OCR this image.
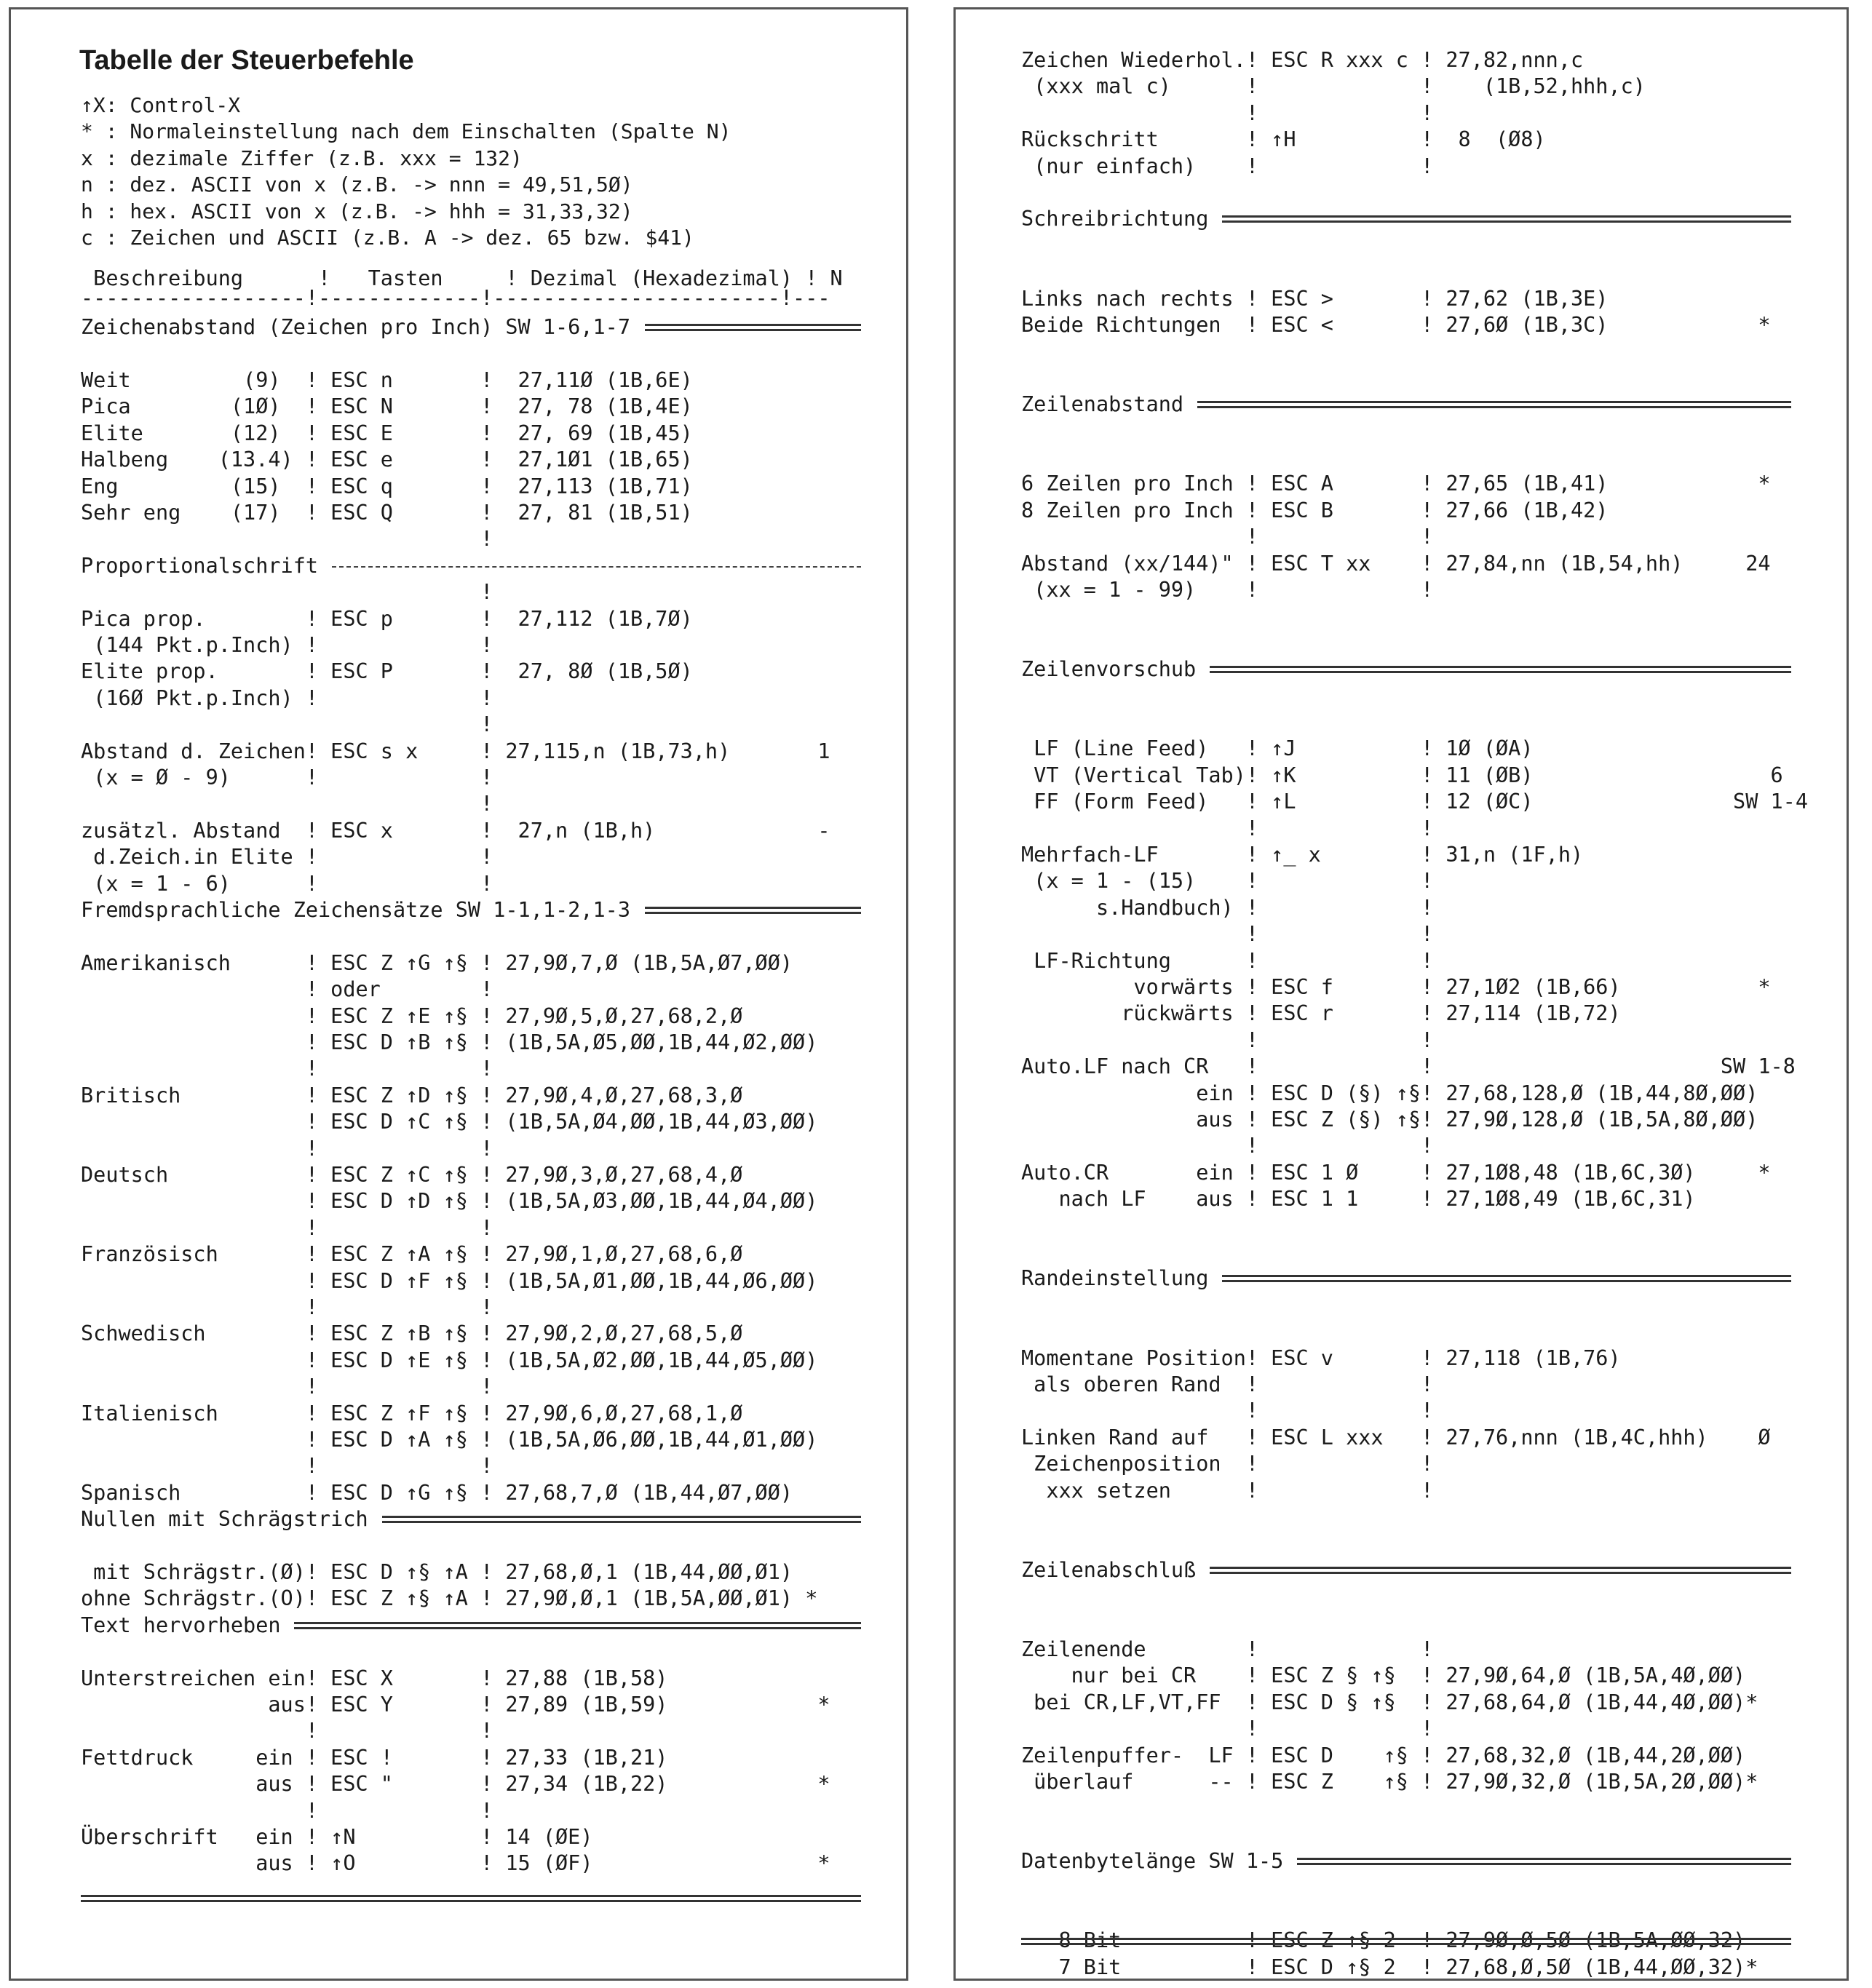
Tabelle der Steuerbefehle
↑X: Control-X
* : Normaleinstellung nach dem Einschalten (Spalte N)
x : dezimale Ziffer (z.B. xxx = 132)
n : dez. ASCII von x (z.B. -> nnn = 49,51,5Ø)
h : hex. ASCII von x (z.B. -> hhh = 31,33,32)
c : Zeichen und ASCII (z.B. A -> dez. 65 bzw. $41)
Beschreibung      !   Tasten     ! Dezimal (Hexadezimal) ! N
------------------!-------------!-----------------------!---
Zeichenabstand (Zeichen pro Inch) SW 1-6,1-7
Weit         (9)  ! ESC n       !  27,11Ø (1B,6E)
Pica        (1Ø)  ! ESC N       !  27, 78 (1B,4E)
Elite       (12)  ! ESC E       !  27, 69 (1B,45)
Halbeng    (13.4) ! ESC e       !  27,1Ø1 (1B,65)
Eng         (15)  ! ESC q       !  27,113 (1B,71)
Sehr eng    (17)  ! ESC Q       !  27, 81 (1B,51)
!
Proportionalschrift
!
Pica prop.        ! ESC p       !  27,112 (1B,7Ø)
(144 Pkt.p.Inch) !             !
Elite prop.       ! ESC P       !  27, 8Ø (1B,5Ø)
(16Ø Pkt.p.Inch) !             !
!
Abstand d. Zeichen! ESC s x     ! 27,115,n (1B,73,h)       1
(x = Ø - 9)      !             !
!
zusätzl. Abstand  ! ESC x       !  27,n (1B,h)             -
d.Zeich.in Elite !             !
(x = 1 - 6)      !             !
Fremdsprachliche Zeichensätze SW 1-1,1-2,1-3
Amerikanisch      ! ESC Z ↑G ↑§ ! 27,9Ø,7,Ø (1B,5A,Ø7,ØØ)
! oder        !
! ESC Z ↑E ↑§ ! 27,9Ø,5,Ø,27,68,2,Ø
! ESC D ↑B ↑§ ! (1B,5A,Ø5,ØØ,1B,44,Ø2,ØØ)
!             !
Britisch          ! ESC Z ↑D ↑§ ! 27,9Ø,4,Ø,27,68,3,Ø
! ESC D ↑C ↑§ ! (1B,5A,Ø4,ØØ,1B,44,Ø3,ØØ)
!             !
Deutsch           ! ESC Z ↑C ↑§ ! 27,9Ø,3,Ø,27,68,4,Ø
! ESC D ↑D ↑§ ! (1B,5A,Ø3,ØØ,1B,44,Ø4,ØØ)
!             !
Französisch       ! ESC Z ↑A ↑§ ! 27,9Ø,1,Ø,27,68,6,Ø
! ESC D ↑F ↑§ ! (1B,5A,Ø1,ØØ,1B,44,Ø6,ØØ)
!             !
Schwedisch        ! ESC Z ↑B ↑§ ! 27,9Ø,2,Ø,27,68,5,Ø
! ESC D ↑E ↑§ ! (1B,5A,Ø2,ØØ,1B,44,Ø5,ØØ)
!             !
Italienisch       ! ESC Z ↑F ↑§ ! 27,9Ø,6,Ø,27,68,1,Ø
! ESC D ↑A ↑§ ! (1B,5A,Ø6,ØØ,1B,44,Ø1,ØØ)
!             !
Spanisch          ! ESC D ↑G ↑§ ! 27,68,7,Ø (1B,44,Ø7,ØØ)
Nullen mit Schrägstrich
mit Schrägstr.(Ø)! ESC D ↑§ ↑A ! 27,68,Ø,1 (1B,44,ØØ,Ø1)
ohne Schrägstr.(O)! ESC Z ↑§ ↑A ! 27,9Ø,Ø,1 (1B,5A,ØØ,Ø1) *
Text hervorheben
Unterstreichen ein! ESC X       ! 27,88 (1B,58)
aus! ESC Y       ! 27,89 (1B,59)            *
!             !
Fettdruck     ein ! ESC !       ! 27,33 (1B,21)
aus ! ESC "       ! 27,34 (1B,22)            *
!             !
Überschrift   ein ! ↑N          ! 14 (ØE)
aus ! ↑O          ! 15 (ØF)                  *
Zeichen Wiederhol.! ESC R xxx c ! 27,82,nnn,c
(xxx mal c)      !             !    (1B,52,hhh,c)
!             !
Rückschritt       ! ↑H          !  8  (Ø8)
(nur einfach)    !             !
Schreibrichtung
Links nach rechts ! ESC >       ! 27,62 (1B,3E)
Beide Richtungen  ! ESC <       ! 27,6Ø (1B,3C)            *
Zeilenabstand
6 Zeilen pro Inch ! ESC A       ! 27,65 (1B,41)            *
8 Zeilen pro Inch ! ESC B       ! 27,66 (1B,42)
!             !
Abstand (xx/144)" ! ESC T xx    ! 27,84,nn (1B,54,hh)     24
(xx = 1 - 99)    !             !
Zeilenvorschub
LF (Line Feed)   ! ↑J          ! 1Ø (ØA)
VT (Vertical Tab)! ↑K          ! 11 (ØB)                   6
FF (Form Feed)   ! ↑L          ! 12 (ØC)                SW 1-4
!             !
Mehrfach-LF       ! ↑_ x        ! 31,n (1F,h)
(x = 1 - (15)    !             !
s.Handbuch) !             !
!             !
LF-Richtung      !             !
vorwärts ! ESC f       ! 27,1Ø2 (1B,66)           *
rückwärts ! ESC r       ! 27,114 (1B,72)
!             !
Auto.LF nach CR   !             !                       SW 1-8
ein ! ESC D (§) ↑§! 27,68,128,Ø (1B,44,8Ø,ØØ)
aus ! ESC Z (§) ↑§! 27,9Ø,128,Ø (1B,5A,8Ø,ØØ)
!             !
Auto.CR       ein ! ESC 1 Ø     ! 27,1Ø8,48 (1B,6C,3Ø)     *
nach LF    aus ! ESC 1 1     ! 27,1Ø8,49 (1B,6C,31)
Randeinstellung
Momentane Position! ESC v       ! 27,118 (1B,76)
als oberen Rand  !             !
!             !
Linken Rand auf   ! ESC L xxx   ! 27,76,nnn (1B,4C,hhh)    Ø
Zeichenposition  !             !
xxx setzen      !             !
Zeilenabschluß
Zeilenende        !             !
nur bei CR    ! ESC Z § ↑§  ! 27,9Ø,64,Ø (1B,5A,4Ø,ØØ)
bei CR,LF,VT,FF  ! ESC D § ↑§  ! 27,68,64,Ø (1B,44,4Ø,ØØ)*
!             !
Zeilenpuffer-  LF ! ESC D    ↑§ ! 27,68,32,Ø (1B,44,2Ø,ØØ)
überlauf      -- ! ESC Z    ↑§ ! 27,9Ø,32,Ø (1B,5A,2Ø,ØØ)*
Datenbytelänge SW 1-5
8 Bit          ! ESC Z ↑§ 2  ! 27,9Ø,Ø,5Ø (1B,5A,ØØ,32)
7 Bit          ! ESC D ↑§ 2  ! 27,68,Ø,5Ø (1B,44,ØØ,32)*
